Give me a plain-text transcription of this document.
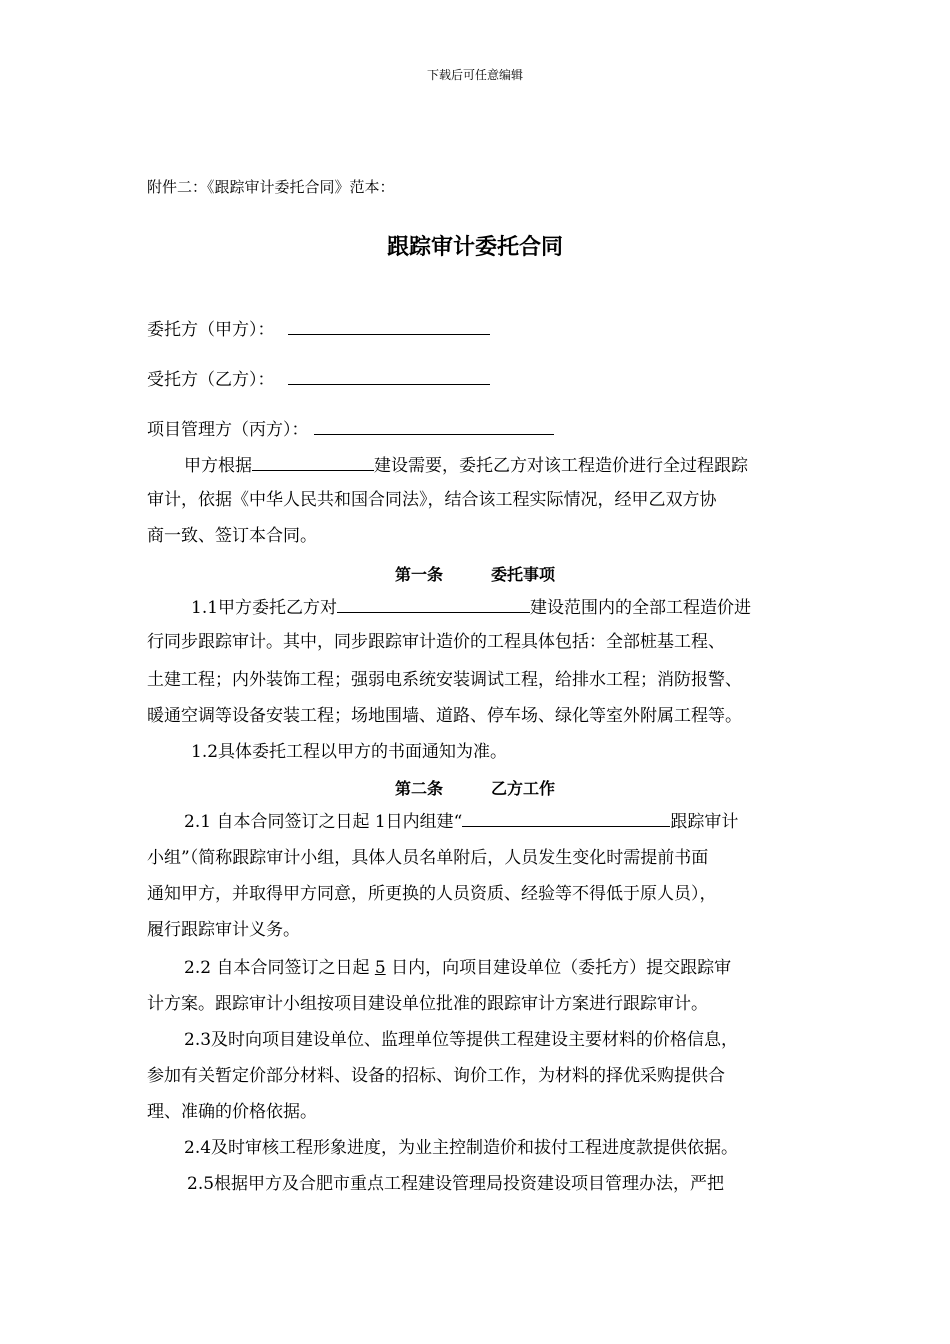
下载后可任意编辑
附件二：《跟踪审计委托合同》范本：
跟踪审计委托合同
委托方（甲方）：
受托方（乙方）：
项目管理方（丙方）：
甲方根据	建设需要，委托乙方对该工程造价进行全过程跟踪
审计，依据《中华人民共和国合同法》，结合该工程实际情况，经甲乙双方协
商一致、签订本合同。
第一条	委托事项
1.1甲方委托乙方对	建设范围内的全部工程造价进
行同步跟踪审计。其中，同步跟踪审计造价的工程具体包括：全部桩基工程、
土建工程；内外装饰工程；强弱电系统安装调试工程，给排水工程；消防报警、
暖通空调等设备安装工程；场地围墙、道路、停车场、绿化等室外附属工程等。
1.2具体委托工程以甲方的书面通知为准。
第二条	乙方工作
2.1 自本合同签订之日起 1日内组建“	跟踪审计
小组”（简称跟踪审计小组，具体人员名单附后，人员发生变化时需提前书面
通知甲方，并取得甲方同意，所更换的人员资质、经验等不得低于原人员），
履行跟踪审计义务。
2.2 自本合同签订之日起 5 日内，向项目建设单位（委托方）提交跟踪审
计方案。跟踪审计小组按项目建设单位批准的跟踪审计方案进行跟踪审计。
2.3及时向项目建设单位、监理单位等提供工程建设主要材料的价格信息，
参加有关暂定价部分材料、设备的招标、询价工作，为材料的择优采购提供合
理、准确的价格依据。
2.4及时审核工程形象进度，为业主控制造价和拔付工程进度款提供依据。
2.5根据甲方及合肥市重点工程建设管理局投资建设项目管理办法，严把
